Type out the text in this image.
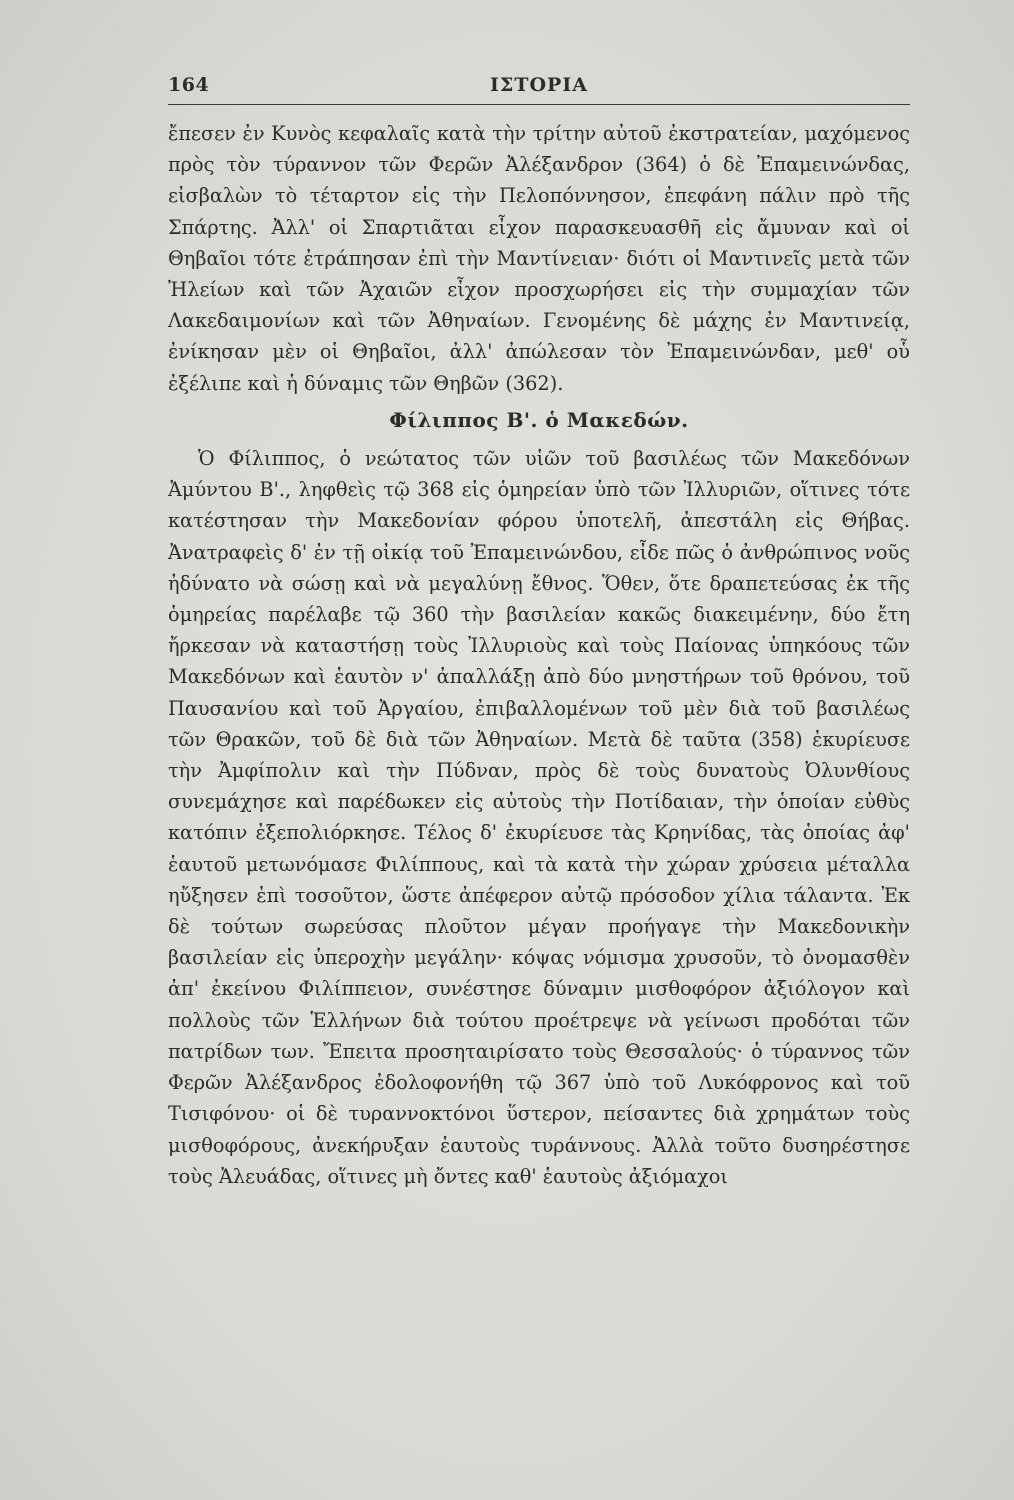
164	ΙΣΤΟΡΙΑ

ἔπεσεν ἐν Κυνὸς κεφαλαῖς κατὰ τὴν τρίτην αὐτοῦ ἐκστρατείαν, μαχόμενος πρὸς τὸν τύραννον τῶν Φερῶν Ἀλέξανδρον (364) ὁ δὲ Ἐπαμεινώνδας, εἰσβαλὼν τὸ τέταρτον εἰς τὴν Πελοπόννησον, ἐπεφάνη πάλιν πρὸ τῆς Σπάρτης. Ἀλλ' οἱ Σπαρτιᾶται εἶχον παρασκευασθῆ εἰς ἄμυναν καὶ οἱ Θηβαῖοι τότε ἐτράπησαν ἐπὶ τὴν Μαντίνειαν· διότι οἱ Μαντινεῖς μετὰ τῶν Ἠλείων καὶ τῶν Ἀχαιῶν εἶχον προσχωρήσει εἰς τὴν συμμαχίαν τῶν Λακεδαιμονίων καὶ τῶν Ἀθηναίων. Γενομένης δὲ μάχης ἐν Μαντινείᾳ, ἐνίκησαν μὲν οἱ Θηβαῖοι, ἀλλ' ἀπώλεσαν τὸν Ἐπαμεινώνδαν, μεθ' οὗ ἐξέλιπε καὶ ἡ δύναμις τῶν Θηβῶν (362).

Φίλιππος Β'. ὁ Μακεδών.

Ὁ Φίλιππος, ὁ νεώτατος τῶν υἱῶν τοῦ βασιλέως τῶν Μακεδόνων Ἀμύντου Β'., ληφθεὶς τῷ 368 εἰς ὁμηρείαν ὑπὸ τῶν Ἰλλυριῶν, οἵτινες τότε κατέστησαν τὴν Μακεδονίαν φόρου ὑποτελῆ, ἀπεστάλη εἰς Θήβας. Ἀνατραφεὶς δ' ἐν τῇ οἰκίᾳ τοῦ Ἐπαμεινώνδου, εἶδε πῶς ὁ ἀνθρώπινος νοῦς ἠδύνατο νὰ σώσῃ καὶ νὰ μεγαλύνῃ ἔθνος. Ὅθεν, ὅτε δραπετεύσας ἐκ τῆς ὁμηρείας παρέλαβε τῷ 360 τὴν βασιλείαν κακῶς διακειμένην, δύο ἔτη ἤρκεσαν νὰ καταστήσῃ τοὺς Ἰλλυριοὺς καὶ τοὺς Παίονας ὑπηκόους τῶν Μακεδόνων καὶ ἑαυτὸν ν' ἀπαλλάξῃ ἀπὸ δύο μνηστήρων τοῦ θρόνου, τοῦ Παυσανίου καὶ τοῦ Ἀργαίου, ἐπιβαλλομένων τοῦ μὲν διὰ τοῦ βασιλέως τῶν Θρακῶν, τοῦ δὲ διὰ τῶν Ἀθηναίων. Μετὰ δὲ ταῦτα (358) ἐκυρίευσε τὴν Ἀμφίπολιν καὶ τὴν Πύδναν, πρὸς δὲ τοὺς δυνατοὺς Ὀλυνθίους συνεμάχησε καὶ παρέδωκεν εἰς αὐτοὺς τὴν Ποτίδαιαν, τὴν ὁποίαν εὐθὺς κατόπιν ἐξεπολιόρκησε. Τέλος δ' ἐκυρίευσε τὰς Κρηνίδας, τὰς ὁποίας ἀφ' ἑαυτοῦ μετωνόμασε Φιλίππους, καὶ τὰ κατὰ τὴν χώραν χρύσεια μέταλλα ηὔξησεν ἐπὶ τοσοῦτον, ὥστε ἀπέφερον αὐτῷ πρόσοδον χίλια τάλαντα. Ἐκ δὲ τούτων σωρεύσας πλοῦτον μέγαν προήγαγε τὴν Μακεδονικὴν βασιλείαν εἰς ὑπεροχὴν μεγάλην· κόψας νόμισμα χρυσοῦν, τὸ ὀνομασθὲν ἀπ' ἐκείνου Φιλίππειον, συνέστησε δύναμιν μισθοφόρον ἀξιόλογον καὶ πολλοὺς τῶν Ἑλλήνων διὰ τούτου προέτρεψε νὰ γείνωσι προδόται τῶν πατρίδων των. Ἔπειτα προσηταιρίσατο τοὺς Θεσσαλούς· ὁ τύραννος τῶν Φερῶν Ἀλέξανδρος ἐδολοφονήθη τῷ 367 ὑπὸ τοῦ Λυκόφρονος καὶ τοῦ Τισιφόνου· οἱ δὲ τυραννοκτόνοι ὕστερον, πείσαντες διὰ χρημάτων τοὺς μισθοφόρους, ἀνεκήρυξαν ἑαυτοὺς τυράννους. Ἀλλὰ τοῦτο δυσηρέστησε τοὺς Ἀλευάδας, οἵτινες μὴ ὄντες καθ' ἑαυτοὺς ἀξιόμαχοι
